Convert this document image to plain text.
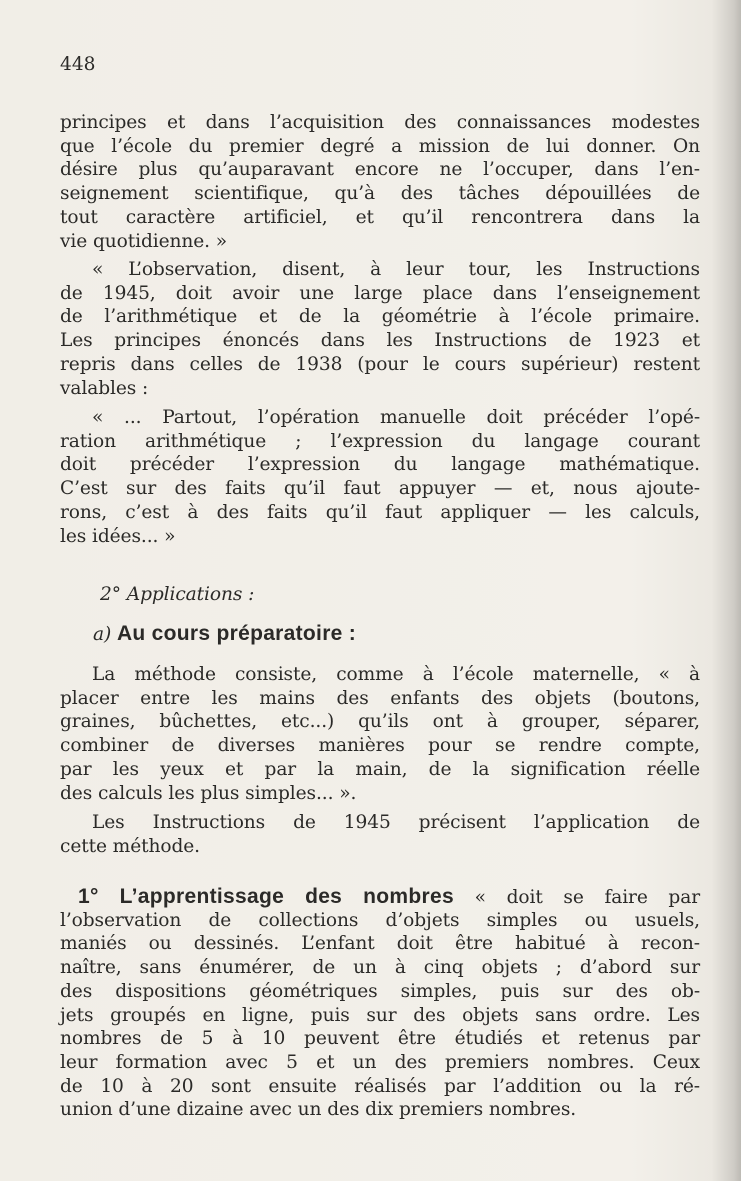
448
principes et dans l’acquisition des connaissances modestes
que l’école du premier degré a mission de lui donner. On
désire plus qu’auparavant encore ne l’occuper, dans l’en-
seignement scientifique, qu’à des tâches dépouillées de
tout caractère artificiel, et qu’il rencontrera dans la
vie quotidienne. »
« L’observation, disent, à leur tour, les Instructions
de 1945, doit avoir une large place dans l’enseignement
de l’arithmétique et de la géométrie à l’école primaire.
Les principes énoncés dans les Instructions de 1923 et
repris dans celles de 1938 (pour le cours supérieur) restent
valables :
« ... Partout, l’opération manuelle doit précéder l’opé-
ration arithmétique ; l’expression du langage courant
doit précéder l’expression du langage mathématique.
C’est sur des faits qu’il faut appuyer — et, nous ajoute-
rons, c’est à des faits qu’il faut appliquer — les calculs,
les idées... »
La méthode consiste, comme à l’école maternelle, « à
placer entre les mains des enfants des objets (boutons,
graines, bûchettes, etc...) qu’ils ont à grouper, séparer,
combiner de diverses manières pour se rendre compte,
par les yeux et par la main, de la signification réelle
des calculs les plus simples... ».
Les Instructions de 1945 précisent l’application de
cette méthode.
1° L’apprentissage des nombres « doit se faire par
l’observation de collections d’objets simples ou usuels,
maniés ou dessinés. L’enfant doit être habitué à recon-
naître, sans énumérer, de un à cinq objets ; d’abord sur
des dispositions géométriques simples, puis sur des ob-
jets groupés en ligne, puis sur des objets sans ordre. Les
nombres de 5 à 10 peuvent être étudiés et retenus par
leur formation avec 5 et un des premiers nombres. Ceux
de 10 à 20 sont ensuite réalisés par l’addition ou la ré-
union d’une dizaine avec un des dix premiers nombres.
2° Applications :
a) Au cours préparatoire :
